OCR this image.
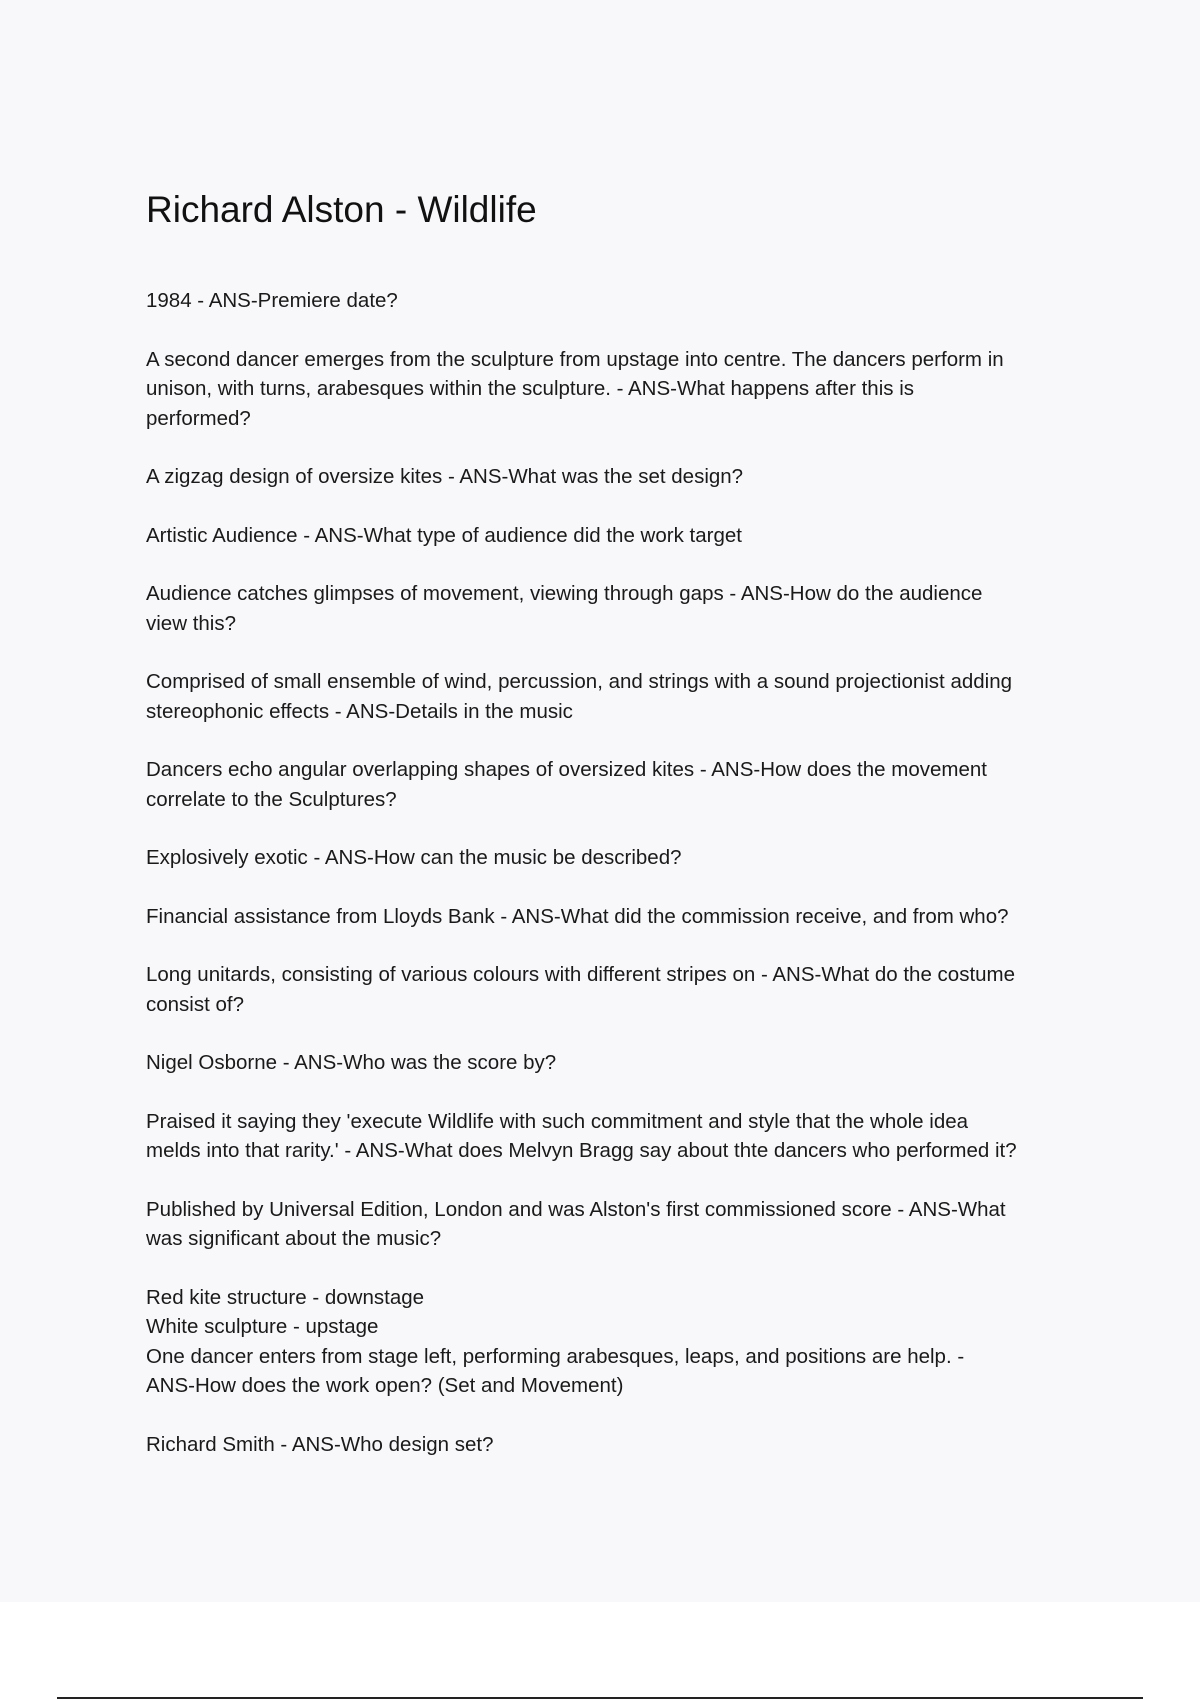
Richard Alston - Wildlife
1984 - ANS-Premiere date?
A second dancer emerges from the sculpture from upstage into centre. The dancers perform in
unison, with turns, arabesques within the sculpture. - ANS-What happens after this is
performed?
A zigzag design of oversize kites - ANS-What was the set design?
Artistic Audience - ANS-What type of audience did the work target
Audience catches glimpses of movement, viewing through gaps - ANS-How do the audience
view this?
Comprised of small ensemble of wind, percussion, and strings with a sound projectionist adding
stereophonic effects - ANS-Details in the music
Dancers echo angular overlapping shapes of oversized kites - ANS-How does the movement
correlate to the Sculptures?
Explosively exotic - ANS-How can the music be described?
Financial assistance from Lloyds Bank - ANS-What did the commission receive, and from who?
Long unitards, consisting of various colours with different stripes on - ANS-What do the costume
consist of?
Nigel Osborne - ANS-Who was the score by?
Praised it saying they 'execute Wildlife with such commitment and style that the whole idea
melds into that rarity.' - ANS-What does Melvyn Bragg say about thte dancers who performed it?
Published by Universal Edition, London and was Alston's first commissioned score - ANS-What
was significant about the music?
Red kite structure - downstage
White sculpture - upstage
One dancer enters from stage left, performing arabesques, leaps, and positions are help. -
ANS-How does the work open? (Set and Movement)
Richard Smith - ANS-Who design set?
